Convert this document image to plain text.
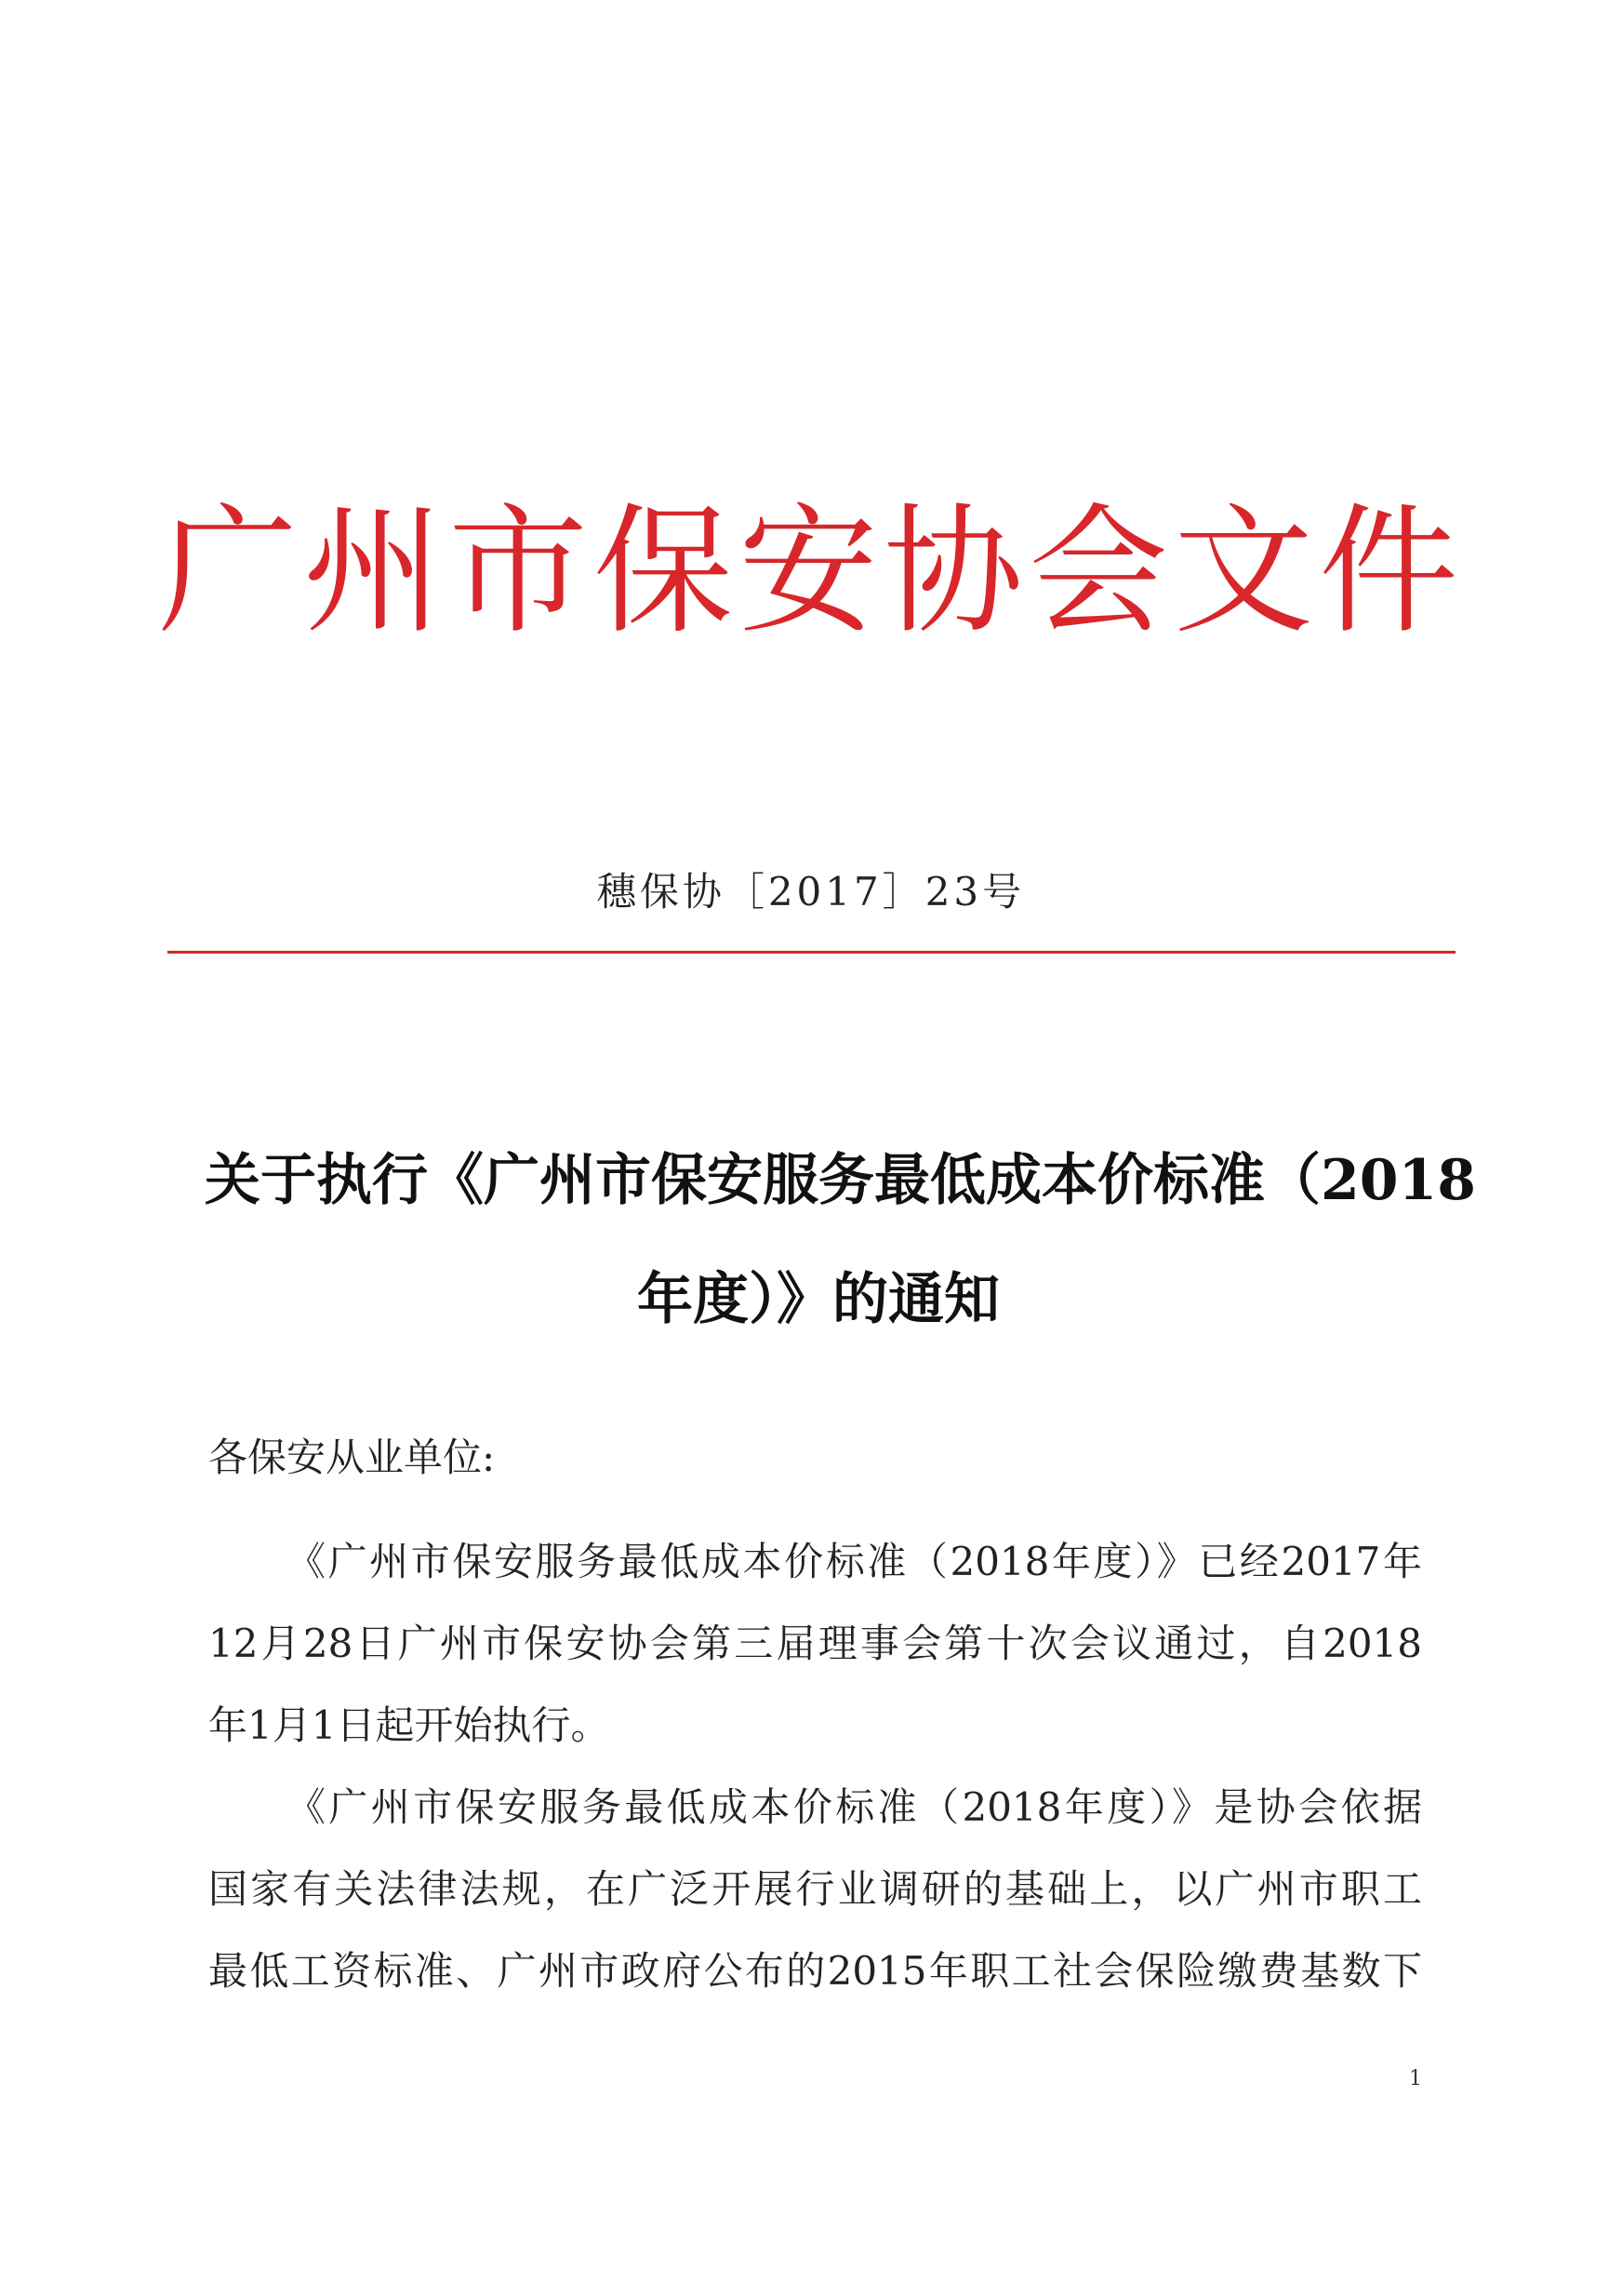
广州市保安协会文件
穗保协［2017］23号
关于执行《广州市保安服务最低成本价标准（2018
年度）》的通知
各保安从业单位:
《广州市保安服务最低成本价标准（2018年度）》已经2017年
12月28日广州市保安协会第三届理事会第十次会议通过，自2018
年1月1日起开始执行。
《广州市保安服务最低成本价标准（2018年度）》是协会依据
国家有关法律法规，在广泛开展行业调研的基础上，以广州市职工
最低工资标准、广州市政府公布的2015年职工社会保险缴费基数下
1
